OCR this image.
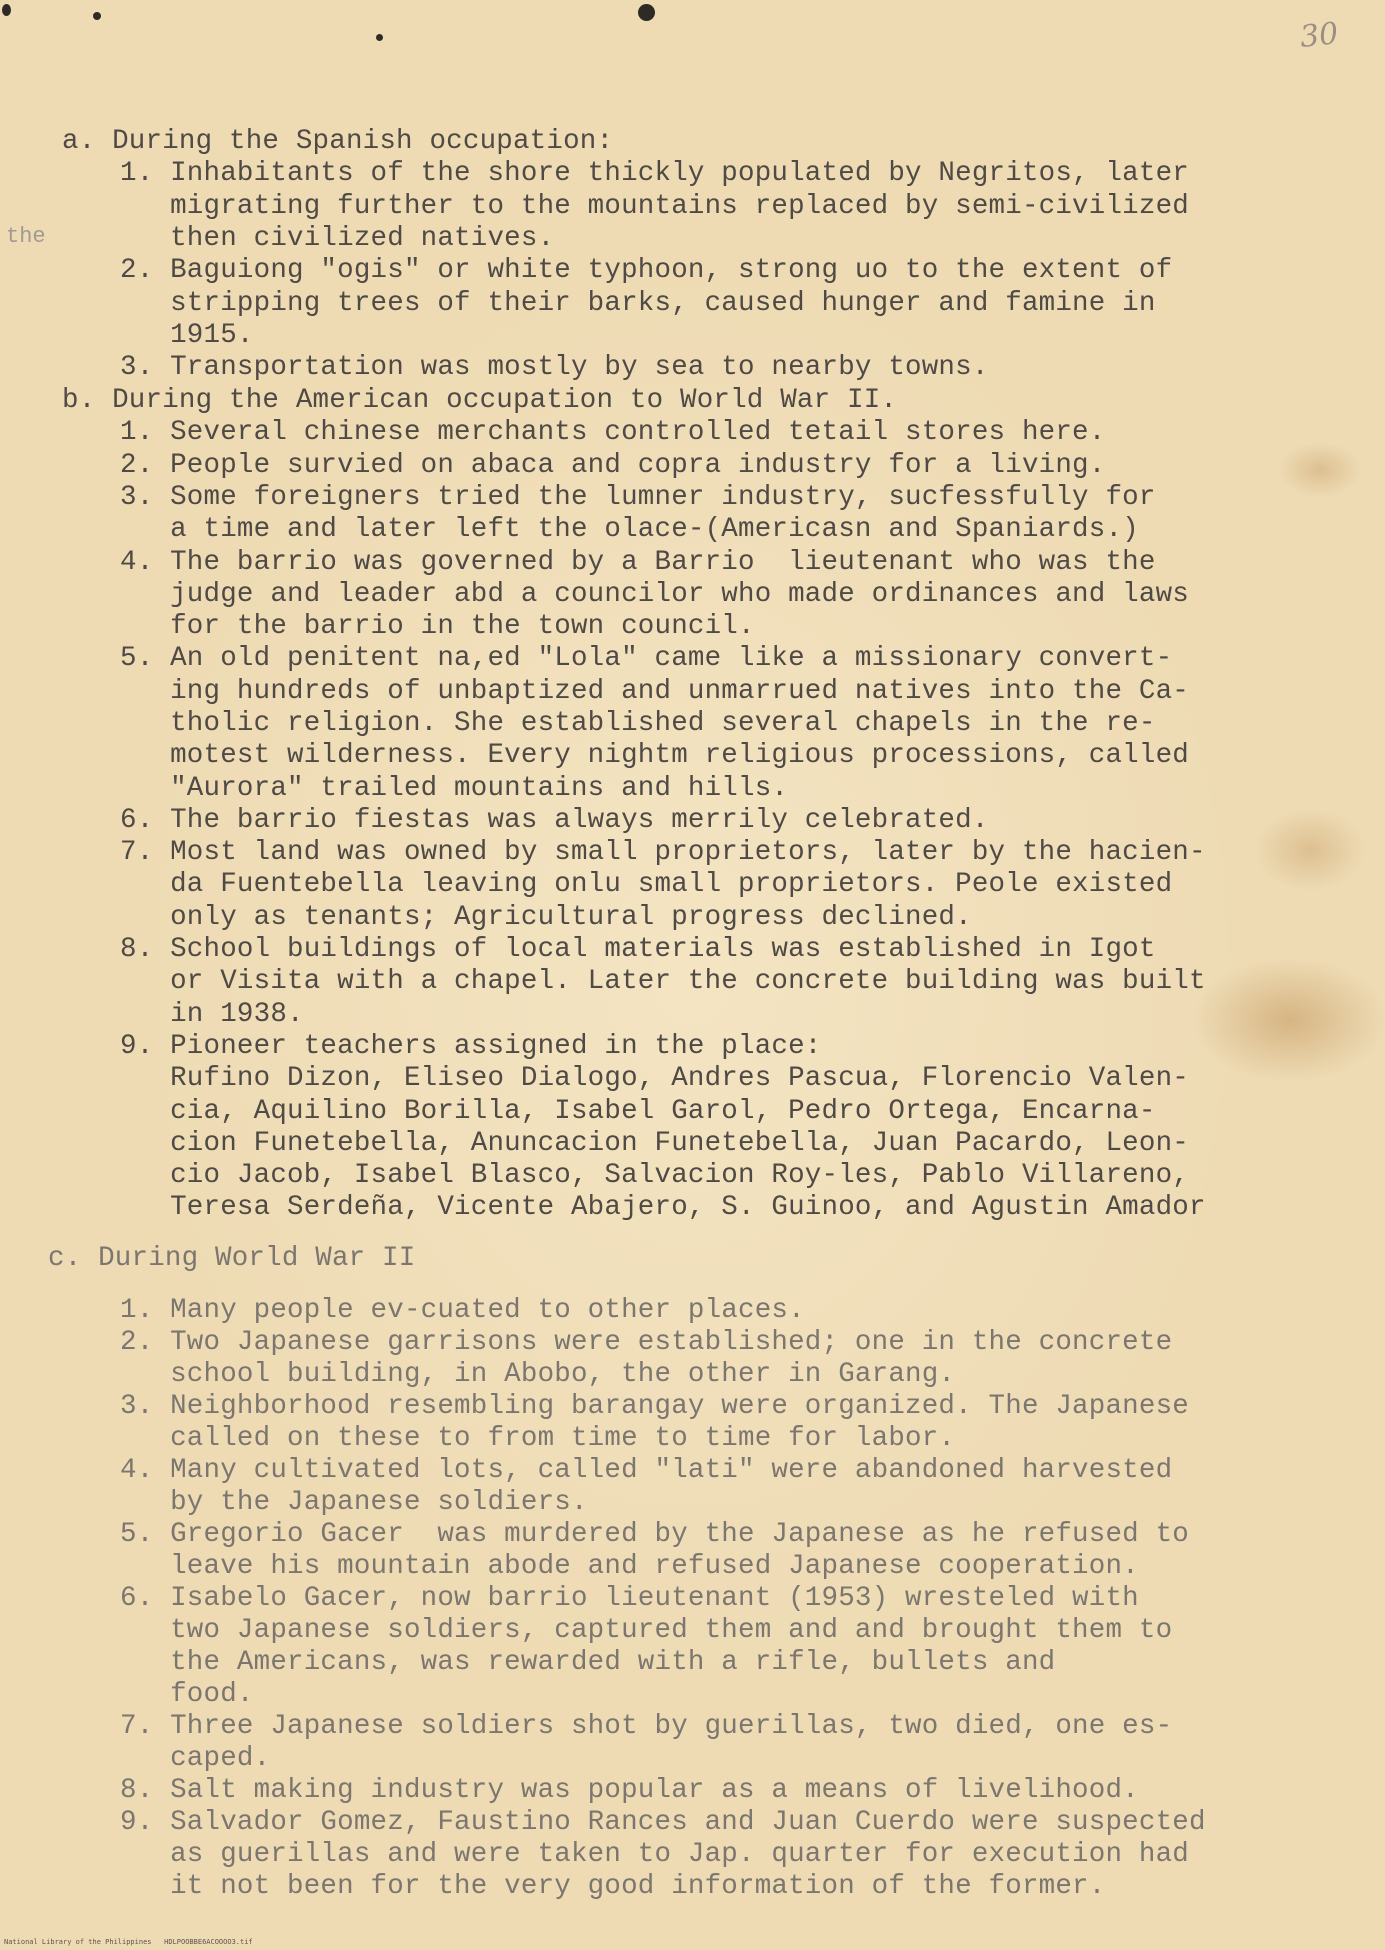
30
the
a. During the Spanish occupation:
1. Inhabitants of the shore thickly populated by Negritos, later
migrating further to the mountains replaced by semi-civilized
then civilized natives.
2. Baguiong "ogis" or white typhoon, strong uo to the extent of
stripping trees of their barks, caused hunger and famine in
1915.
3. Transportation was mostly by sea to nearby towns.
b. During the American occupation to World War II.
1. Several chinese merchants controlled tetail stores here.
2. People survied on abaca and copra industry for a living.
3. Some foreigners tried the lumner industry, sucfessfully for
a time and later left the olace-(Americasn and Spaniards.)
4. The barrio was governed by a Barrio  lieutenant who was the
judge and leader abd a councilor who made ordinances and laws
for the barrio in the town council.
5. An old penitent na,ed "Lola" came like a missionary convert-
ing hundreds of unbaptized and unmarrued natives into the Ca-
tholic religion. She established several chapels in the re-
motest wilderness. Every nightm religious processions, called
"Aurora" trailed mountains and hills.
6. The barrio fiestas was always merrily celebrated.
7. Most land was owned by small proprietors, later by the hacien-
da Fuentebella leaving onlu small proprietors. Peole existed
only as tenants; Agricultural progress declined.
8. School buildings of local materials was established in Igot
or Visita with a chapel. Later the concrete building was built
in 1938.
9. Pioneer teachers assigned in the place:
Rufino Dizon, Eliseo Dialogo, Andres Pascua, Florencio Valen-
cia, Aquilino Borilla, Isabel Garol, Pedro Ortega, Encarna-
cion Funetebella, Anuncacion Funetebella, Juan Pacardo, Leon-
cio Jacob, Isabel Blasco, Salvacion Roy-les, Pablo Villareno,
Teresa Serdeña, Vicente Abajero, S. Guinoo, and Agustin Amador
c. During World War II
1. Many people ev-cuated to other places.
2. Two Japanese garrisons were established; one in the concrete
school building, in Abobo, the other in Garang.
3. Neighborhood resembling barangay were organized. The Japanese
called on these to from time to time for labor.
4. Many cultivated lots, called "lati" were abandoned harvested
by the Japanese soldiers.
5. Gregorio Gacer  was murdered by the Japanese as he refused to
leave his mountain abode and refused Japanese cooperation.
6. Isabelo Gacer, now barrio lieutenant (1953) wresteled with
two Japanese soldiers, captured them and and brought them to
the Americans, was rewarded with a rifle, bullets and
food.
7. Three Japanese soldiers shot by guerillas, two died, one es-
caped.
8. Salt making industry was popular as a means of livelihood.
9. Salvador Gomez, Faustino Rances and Juan Cuerdo were suspected
as guerillas and were taken to Jap. quarter for execution had
it not been for the very good information of the former.
National Library of the Philippines   HDLPOOBBE6ACOOOO3.tif
